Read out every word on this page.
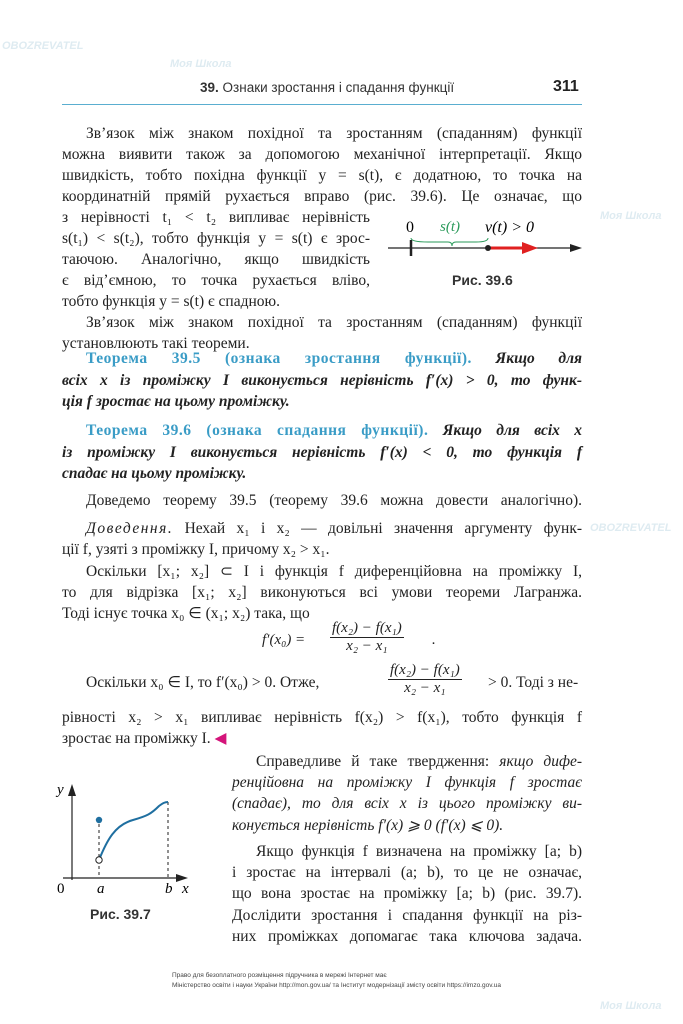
39. Ознаки зростання і спадання функції	311
Зв’язок між знаком похідної та зростанням (спаданням) функції
можна виявити також за допомогою механічної інтерпретації. Якщо
швидкість, тобто похідна функції y = s(t), є додатною, то точка на
координатній прямій рухається вправо (рис. 39.6). Це означає, що
з нерівності t₁ < t₂ випливає нерівність
s(t₁) < s(t₂), тобто функція y = s(t) є зрос-
таючою. Аналогічно, якщо швидкість
є від’ємною, то точка рухається вліво,
тобто функція y = s(t) є спадною.
Зв’язок між знаком похідної та зростанням (спаданням) функції
установлюють такі теореми.
0 s(t) v(t) > 0
Рис. 39.6
Теорема 39.5 (ознака зростання функції). Якщо для
всіх x із проміжку I виконується нерівність f′(x) > 0, то функ-
ція f зростає на цьому проміжку.
Теорема 39.6 (ознака спадання функції). Якщо для всіх x
із проміжку I виконується нерівність f′(x) < 0, то функція f
спадає на цьому проміжку.
Доведемо теорему 39.5 (теорему 39.6 можна довести аналогічно).
Доведення. Нехай x₁ і x₂ — довільні значення аргументу функ-
ції f, узяті з проміжку I, причому x₂ > x₁.
Оскільки [x₁; x₂] ⊂ I і функція f диференційовна на проміжку I,
то для відрізка [x₁; x₂] виконуються всі умови теореми Лагранжа.
Тоді існує точка x₀ ∈ (x₁; x₂) така, що
$f'(x_0) = \frac{\text{f(x₂) − f(x₁)}}{\text{x₂ − x₁}}$ .
Оскільки x₀ ∈ I, то f′(x₀) > 0. Отже,	$\frac{\text{f(x₂) − f(x₁)}}{\text{x₂ − x₁}} > 0$. Тоді з не-
рівності x₂ > x₁ випливає нерівність f(x₂) > f(x₁), тобто функція f
зростає на проміжку I. ◀
Справедливе й таке твердження: якщо дифе-
ренційовна на проміжку I функція f зростає
(спадає), то для всіх x із цього проміжку ви-
конується нерівність f′(x) ⩾ 0 (f′(x) ⩽ 0).
Якщо функція f визначена на проміжку [a; b)
і зростає на інтервалі (a; b), то це не означає,
що вона зростає на проміжку [a; b) (рис. 39.7).
Дослідити зростання і спадання функції на різ-
них проміжках допомагає така ключова задача.
y
0 a	b x
Рис. 39.7
Право для безоплатного розміщення підручника в мережі Інтернет має
Міністерство освіти і науки України http://mon.gov.ua/ та Інститут модернізації змісту освіти https://imzo.gov.ua
Моя Школа
OBOZREVATEL
Моя Школа
OBOZREVATEL
Моя Школа
